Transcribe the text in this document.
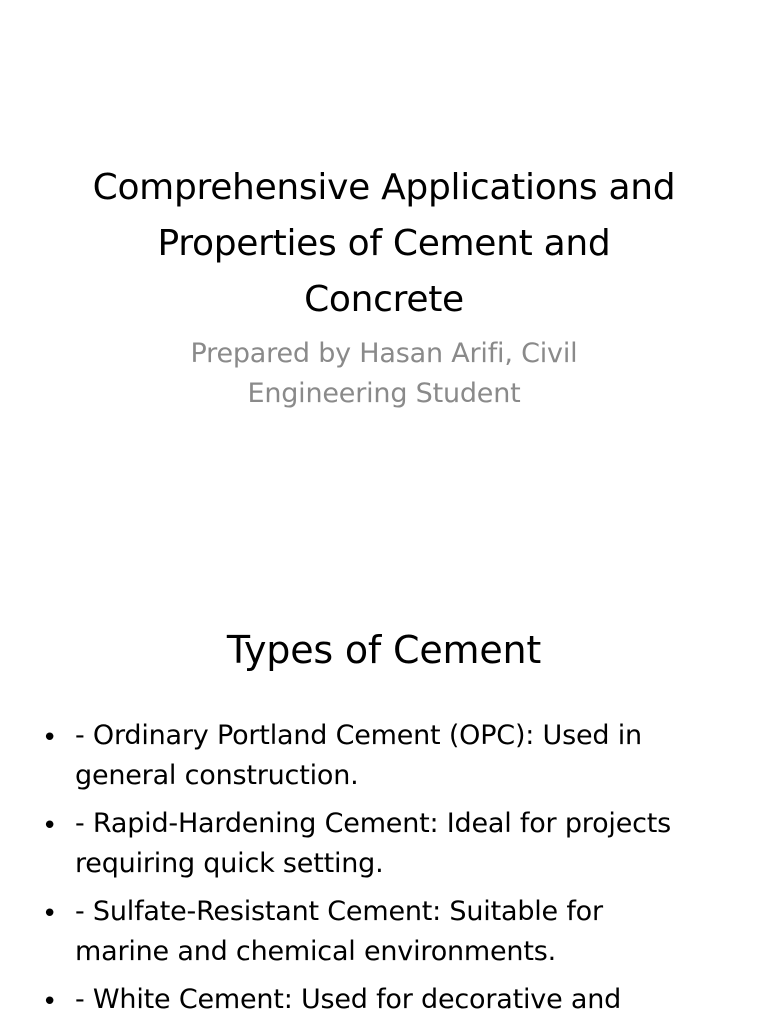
Comprehensive Applications and
Properties of Cement and
Concrete
Prepared by Hasan Arifi, Civil
Engineering Student
Types of Cement
• - Ordinary Portland Cement (OPC): Used in
general construction.
• - Rapid-Hardening Cement: Ideal for projects
requiring quick setting.
• - Sulfate-Resistant Cement: Suitable for
marine and chemical environments.
• - White Cement: Used for decorative and
